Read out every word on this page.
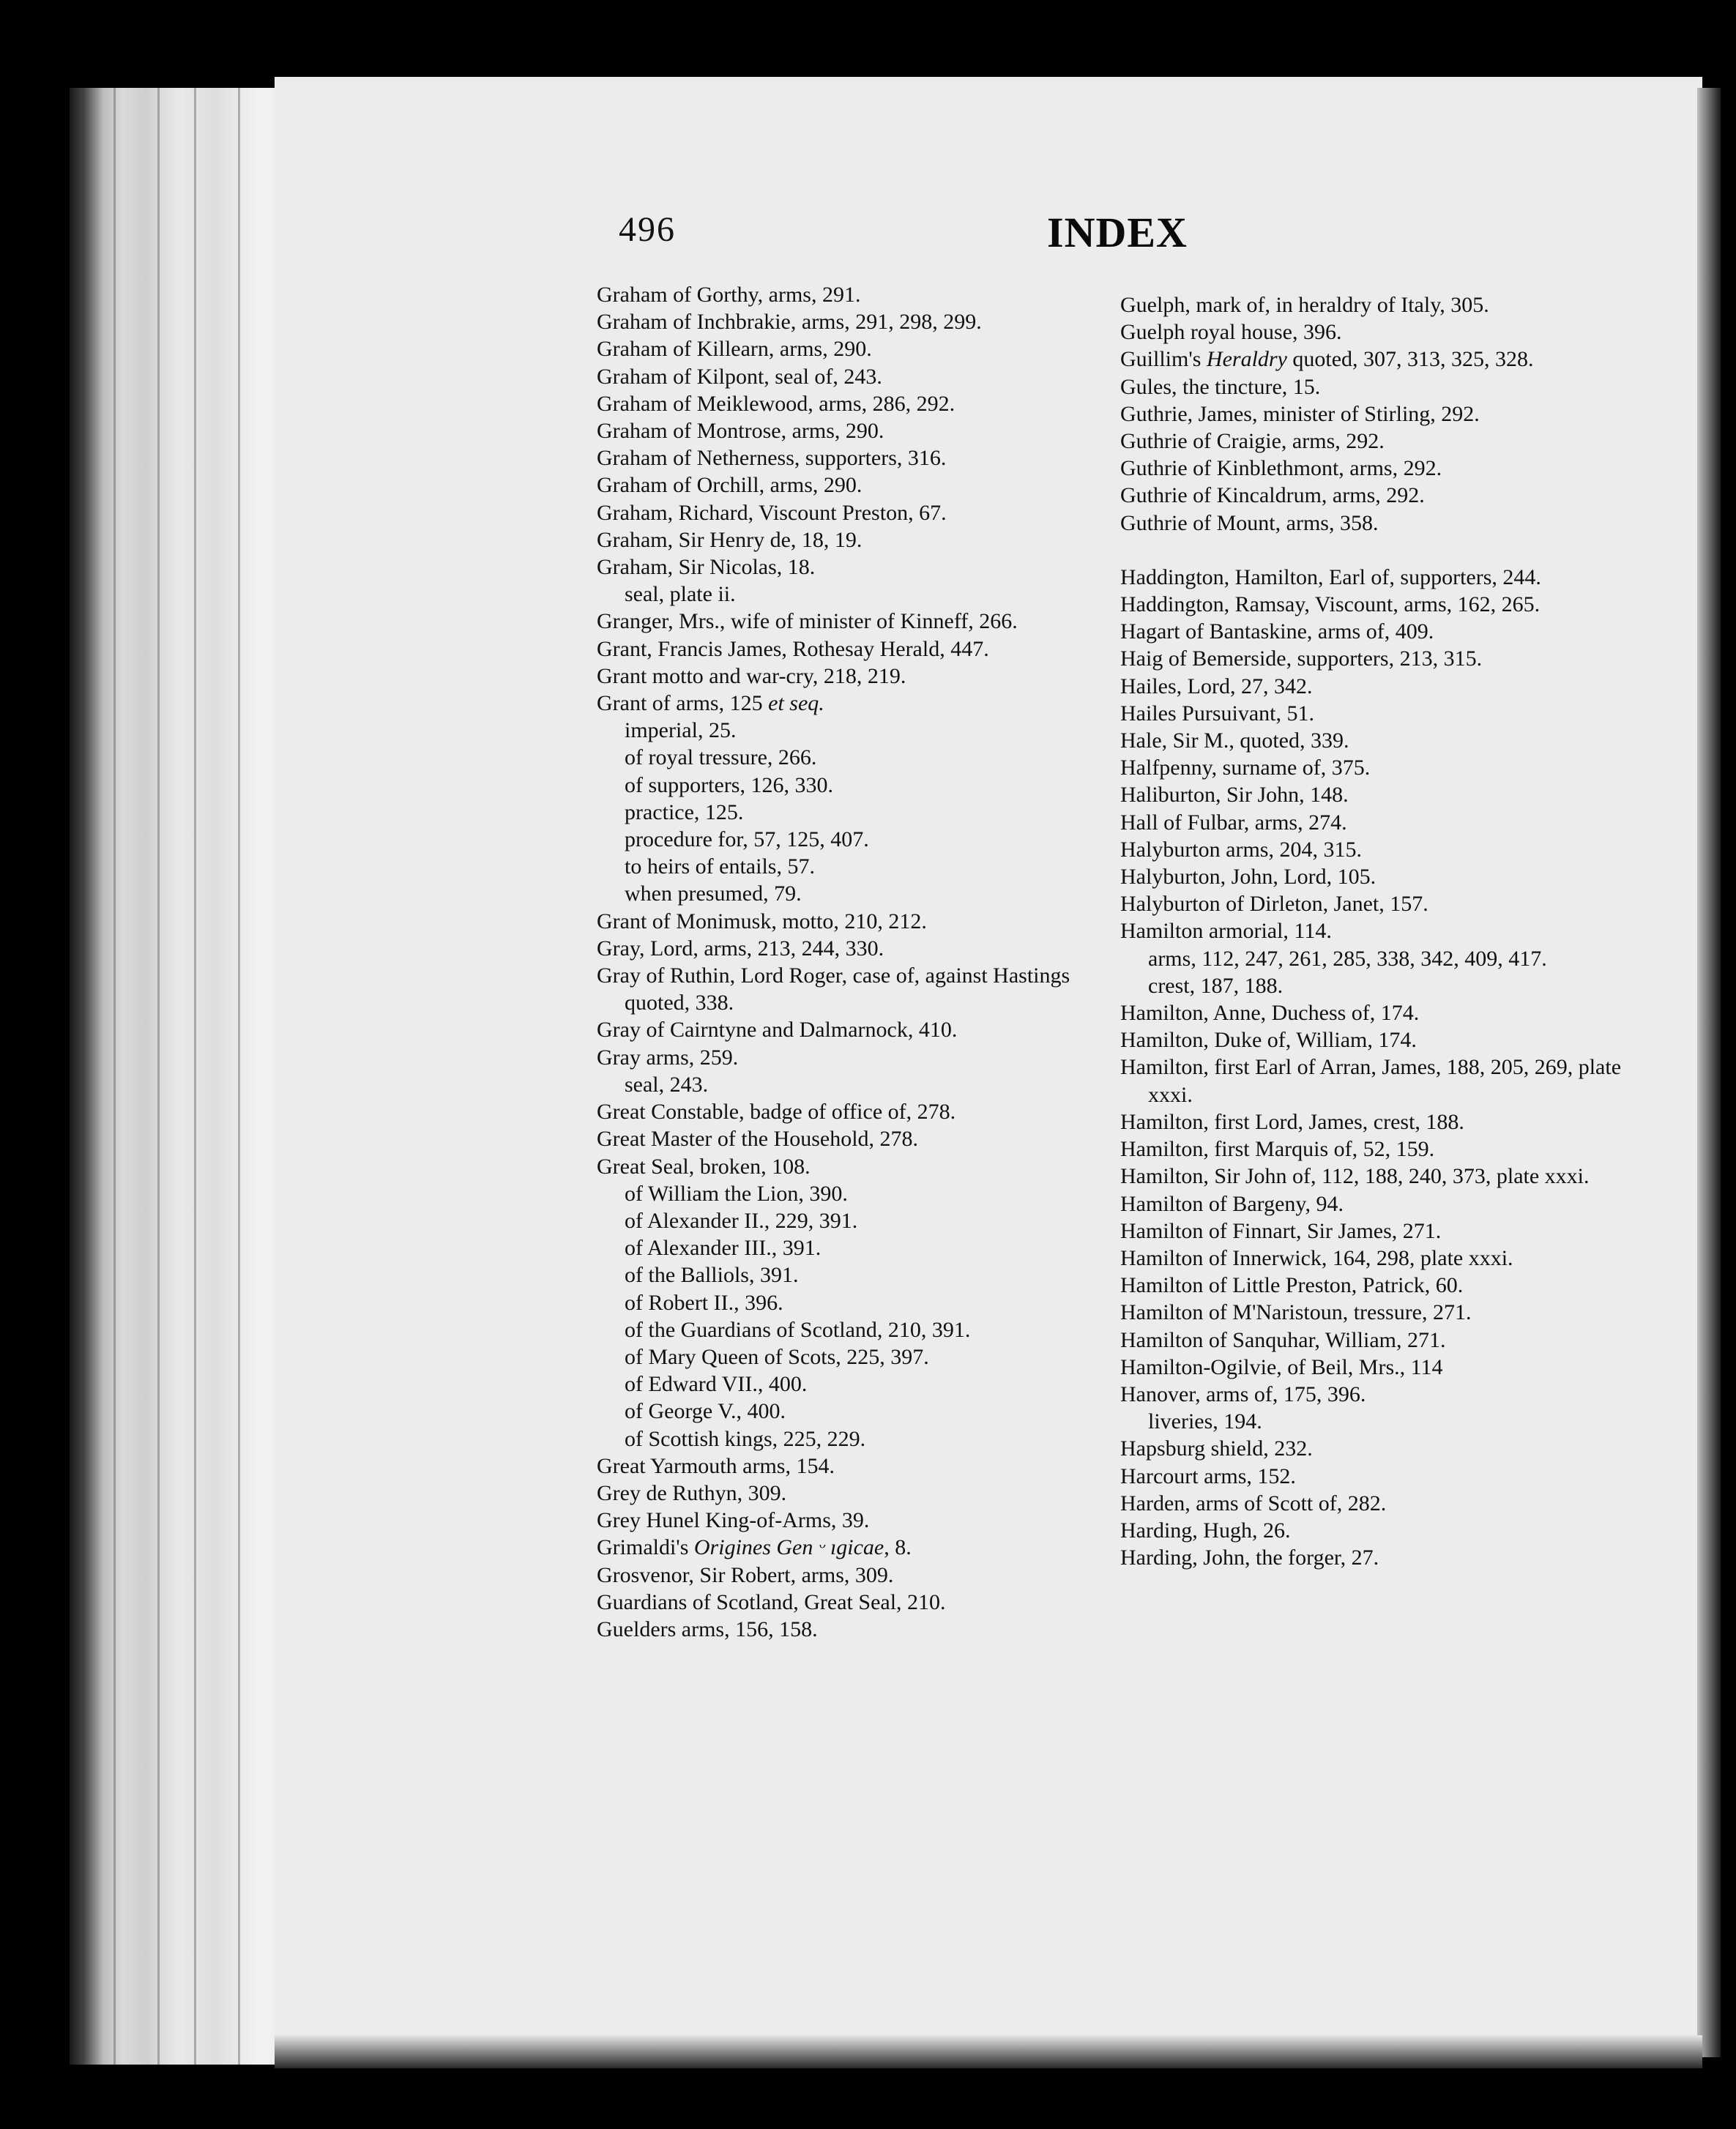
496	INDEX
Graham of Gorthy, arms, 291.
Graham of Inchbrakie, arms, 291, 298, 299.
Graham of Killearn, arms, 290.
Graham of Kilpont, seal of, 243.
Graham of Meiklewood, arms, 286, 292.
Graham of Montrose, arms, 290.
Graham of Netherness, supporters, 316.
Graham of Orchill, arms, 290.
Graham, Richard, Viscount Preston, 67.
Graham, Sir Henry de, 18, 19.
Graham, Sir Nicolas, 18.
seal, plate ii.
Granger, Mrs., wife of minister of Kinneff, 266.
Grant, Francis James, Rothesay Herald, 447.
Grant motto and war-cry, 218, 219.
Grant of arms, 125 et seq.
imperial, 25.
of royal tressure, 266.
of supporters, 126, 330.
practice, 125.
procedure for, 57, 125, 407.
to heirs of entails, 57.
when presumed, 79.
Grant of Monimusk, motto, 210, 212.
Gray, Lord, arms, 213, 244, 330.
Gray of Ruthin, Lord Roger, case of, against Hastings quoted, 338.
Gray of Cairntyne and Dalmarnock, 410.
Gray arms, 259.
seal, 243.
Great Constable, badge of office of, 278.
Great Master of the Household, 278.
Great Seal, broken, 108.
of William the Lion, 390.
of Alexander II., 229, 391.
of Alexander III., 391.
of the Balliols, 391.
of Robert II., 396.
of the Guardians of Scotland, 210, 391.
of Mary Queen of Scots, 225, 397.
of Edward VII., 400.
of George V., 400.
of Scottish kings, 225, 229.
Great Yarmouth arms, 154.
Grey de Ruthyn, 309.
Grey Hunel King-of-Arms, 39.
Grimaldi's Origines Gen ᵕ ıgicae, 8.
Grosvenor, Sir Robert, arms, 309.
Guardians of Scotland, Great Seal, 210.
Guelders arms, 156, 158.
Guelph, mark of, in heraldry of Italy, 305.
Guelph royal house, 396.
Guillim's Heraldry quoted, 307, 313, 325, 328.
Gules, the tincture, 15.
Guthrie, James, minister of Stirling, 292.
Guthrie of Craigie, arms, 292.
Guthrie of Kinblethmont, arms, 292.
Guthrie of Kincaldrum, arms, 292.
Guthrie of Mount, arms, 358.
Haddington, Hamilton, Earl of, supporters, 244.
Haddington, Ramsay, Viscount, arms, 162, 265.
Hagart of Bantaskine, arms of, 409.
Haig of Bemerside, supporters, 213, 315.
Hailes, Lord, 27, 342.
Hailes Pursuivant, 51.
Hale, Sir M., quoted, 339.
Halfpenny, surname of, 375.
Haliburton, Sir John, 148.
Hall of Fulbar, arms, 274.
Halyburton arms, 204, 315.
Halyburton, John, Lord, 105.
Halyburton of Dirleton, Janet, 157.
Hamilton armorial, 114.
arms, 112, 247, 261, 285, 338, 342, 409, 417.
crest, 187, 188.
Hamilton, Anne, Duchess of, 174.
Hamilton, Duke of, William, 174.
Hamilton, first Earl of Arran, James, 188, 205, 269, plate xxxi.
Hamilton, first Lord, James, crest, 188.
Hamilton, first Marquis of, 52, 159.
Hamilton, Sir John of, 112, 188, 240, 373, plate xxxi.
Hamilton of Bargeny, 94.
Hamilton of Finnart, Sir James, 271.
Hamilton of Innerwick, 164, 298, plate xxxi.
Hamilton of Little Preston, Patrick, 60.
Hamilton of M'Naristoun, tressure, 271.
Hamilton of Sanquhar, William, 271.
Hamilton-Ogilvie, of Beil, Mrs., 114
Hanover, arms of, 175, 396.
liveries, 194.
Hapsburg shield, 232.
Harcourt arms, 152.
Harden, arms of Scott of, 282.
Harding, Hugh, 26.
Harding, John, the forger, 27.
